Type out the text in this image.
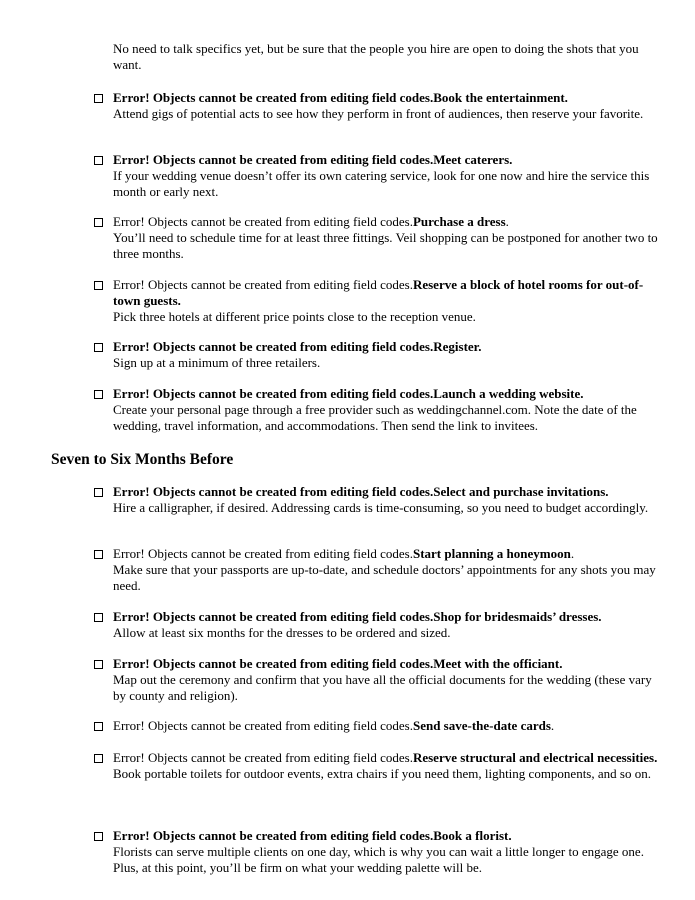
No need to talk specifics yet, but be sure that the people you hire are open to doing the shots that you want.
Error! Objects cannot be created from editing field codes.Book the entertainment.
Attend gigs of potential acts to see how they perform in front of audiences, then reserve your favorite.
Error! Objects cannot be created from editing field codes.Meet caterers.
If your wedding venue doesn’t offer its own catering service, look for one now and hire the service this month or early next.
Error! Objects cannot be created from editing field codes.Purchase a dress.
You’ll need to schedule time for at least three fittings. Veil shopping can be postponed for another two to three months.
Error! Objects cannot be created from editing field codes.Reserve a block of hotel rooms for out-of-town guests.
Pick three hotels at different price points close to the reception venue.
Error! Objects cannot be created from editing field codes.Register.
Sign up at a minimum of three retailers.
Error! Objects cannot be created from editing field codes.Launch a wedding website.
Create your personal page through a free provider such as weddingchannel.com. Note the date of the wedding, travel information, and accommodations. Then send the link to invitees.
Seven to Six Months Before
Error! Objects cannot be created from editing field codes.Select and purchase invitations.
Hire a calligrapher, if desired. Addressing cards is time-consuming, so you need to budget accordingly.
Error! Objects cannot be created from editing field codes.Start planning a honeymoon.
Make sure that your passports are up-to-date, and schedule doctors’ appointments for any shots you may need.
Error! Objects cannot be created from editing field codes.Shop for bridesmaids’ dresses.
Allow at least six months for the dresses to be ordered and sized.
Error! Objects cannot be created from editing field codes.Meet with the officiant.
Map out the ceremony and confirm that you have all the official documents for the wedding (these vary by county and religion).
Error! Objects cannot be created from editing field codes.Send save-the-date cards.
Error! Objects cannot be created from editing field codes.Reserve structural and electrical necessities.
Book portable toilets for outdoor events, extra chairs if you need them, lighting components, and so on.
Error! Objects cannot be created from editing field codes.Book a florist.
Florists can serve multiple clients on one day, which is why you can wait a little longer to engage one. Plus, at this point, you’ll be firm on what your wedding palette will be.
